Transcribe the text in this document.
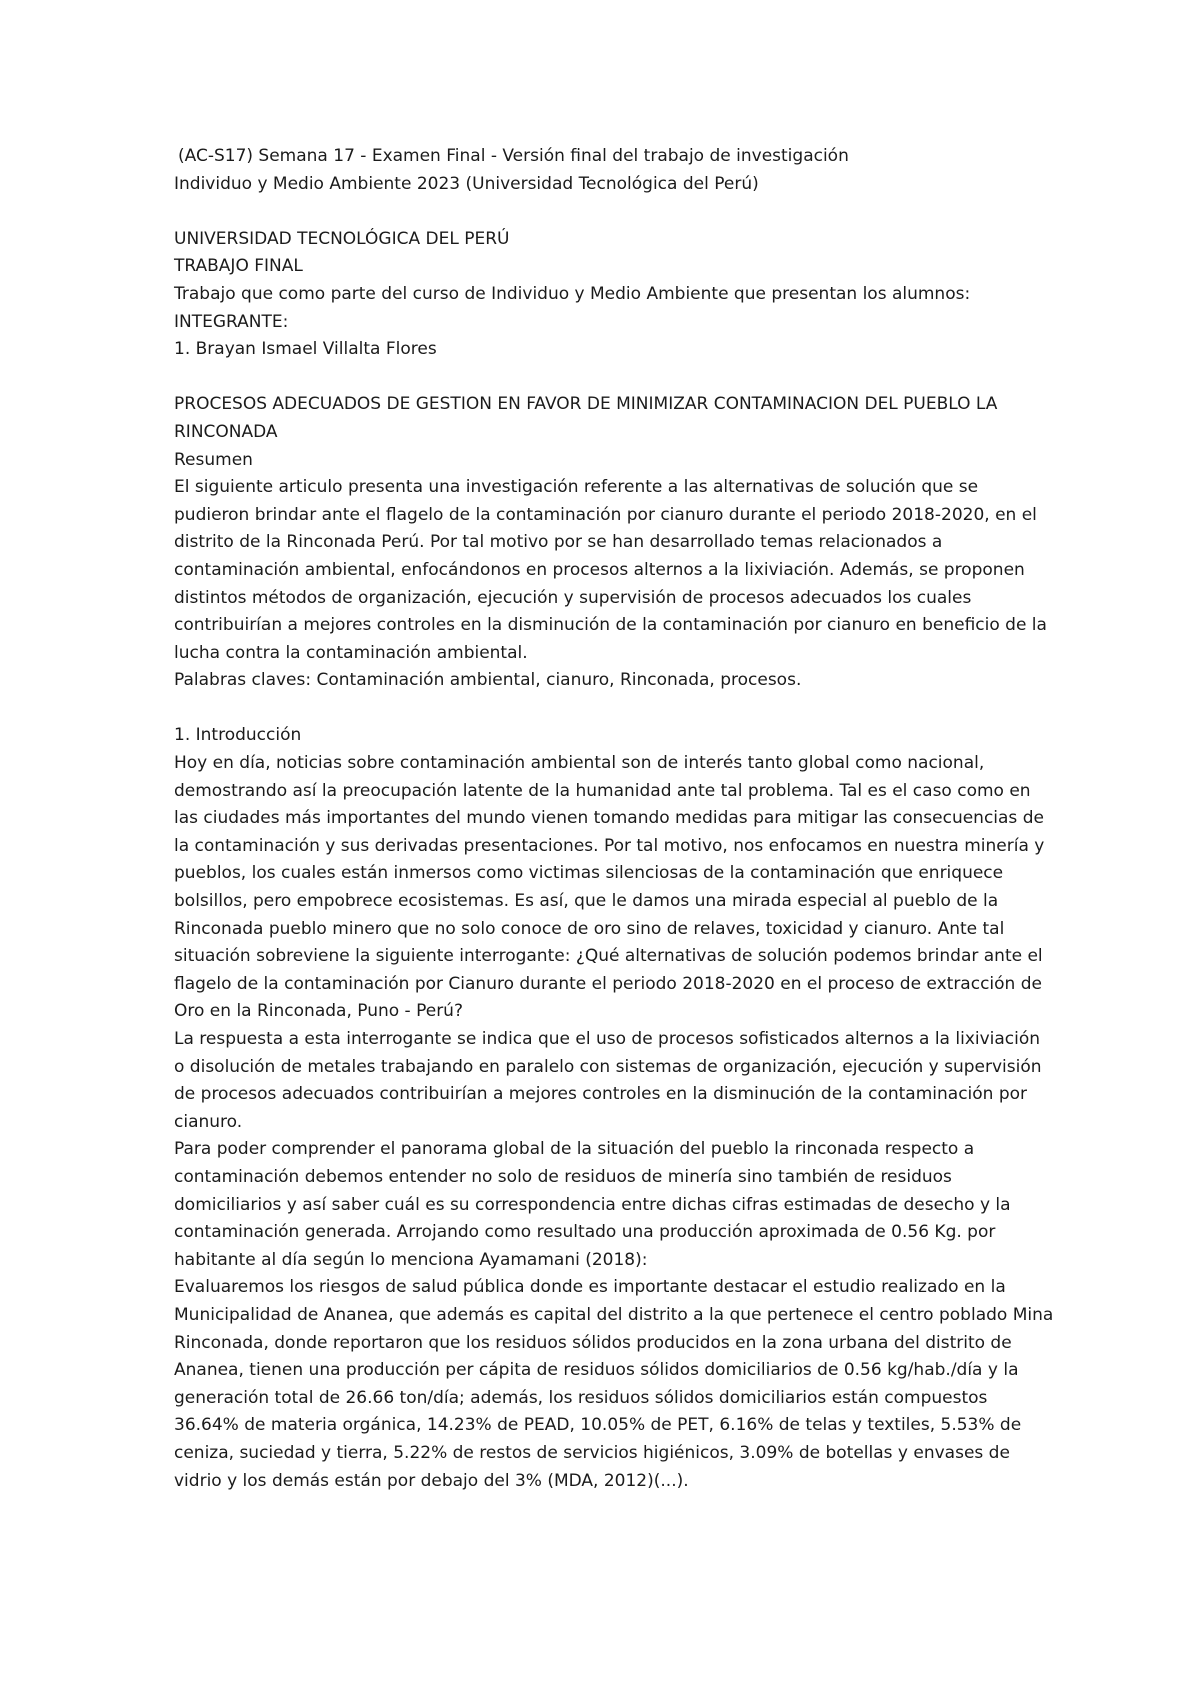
(AC-S17) Semana 17 - Examen Final - Versión final del trabajo de investigación

Individuo y Medio Ambiente 2023 (Universidad Tecnológica del Perú)

UNIVERSIDAD TECNOLÓGICA DEL PERÚ

TRABAJO FINAL

Trabajo que como parte del curso de Individuo y Medio Ambiente que presentan los alumnos:

INTEGRANTE:

1. Brayan Ismael Villalta Flores

PROCESOS ADECUADOS DE GESTION EN FAVOR DE MINIMIZAR CONTAMINACION DEL PUEBLO LA RINCONADA

Resumen

El siguiente articulo presenta una investigación referente a las alternativas de solución que se pudieron brindar ante el flagelo de la contaminación por cianuro durante el periodo 2018-2020, en el distrito de la Rinconada Perú. Por tal motivo por se han desarrollado temas relacionados a contaminación ambiental, enfocándonos en procesos alternos a la lixiviación. Además, se proponen distintos métodos de organización, ejecución y supervisión de procesos adecuados los cuales contribuirían a mejores controles en la disminución de la contaminación por cianuro en beneficio de la lucha contra la contaminación ambiental.

Palabras claves: Contaminación ambiental, cianuro, Rinconada, procesos.

1. Introducción

Hoy en día, noticias sobre contaminación ambiental son de interés tanto global como nacional, demostrando así la preocupación latente de la humanidad ante tal problema. Tal es el caso como en las ciudades más importantes del mundo vienen tomando medidas para mitigar las consecuencias de la contaminación y sus derivadas presentaciones. Por tal motivo, nos enfocamos en nuestra minería y pueblos, los cuales están inmersos como victimas silenciosas de la contaminación que enriquece bolsillos, pero empobrece ecosistemas. Es así, que le damos una mirada especial al pueblo de la Rinconada pueblo minero que no solo conoce de oro sino de relaves, toxicidad y cianuro. Ante tal situación sobreviene la siguiente interrogante: ¿Qué alternativas de solución podemos brindar ante el flagelo de la contaminación por Cianuro durante el periodo 2018-2020 en el proceso de extracción de Oro en la Rinconada, Puno - Perú?

La respuesta a esta interrogante se indica que el uso de procesos sofisticados alternos a la lixiviación o disolución de metales trabajando en paralelo con sistemas de organización, ejecución y supervisión de procesos adecuados contribuirían a mejores controles en la disminución de la contaminación por cianuro.

Para poder comprender el panorama global de la situación del pueblo la rinconada respecto a contaminación debemos entender no solo de residuos de minería sino también de residuos domiciliarios y así saber cuál es su correspondencia entre dichas cifras estimadas de desecho y la contaminación generada. Arrojando como resultado una producción aproximada de 0.56 Kg. por habitante al día según lo menciona Ayamamani (2018):

Evaluaremos los riesgos de salud pública donde es importante destacar el estudio realizado en la Municipalidad de Ananea, que además es capital del distrito a la que pertenece el centro poblado Mina Rinconada, donde reportaron que los residuos sólidos producidos en la zona urbana del distrito de Ananea, tienen una producción per cápita de residuos sólidos domiciliarios de 0.56 kg/hab./día y la generación total de 26.66 ton/día; además, los residuos sólidos domiciliarios están compuestos 36.64% de materia orgánica, 14.23% de PEAD, 10.05% de PET, 6.16% de telas y textiles, 5.53% de ceniza, suciedad y tierra, 5.22% de restos de servicios higiénicos, 3.09% de botellas y envases de vidrio y los demás están por debajo del 3% (MDA, 2012)(...).
